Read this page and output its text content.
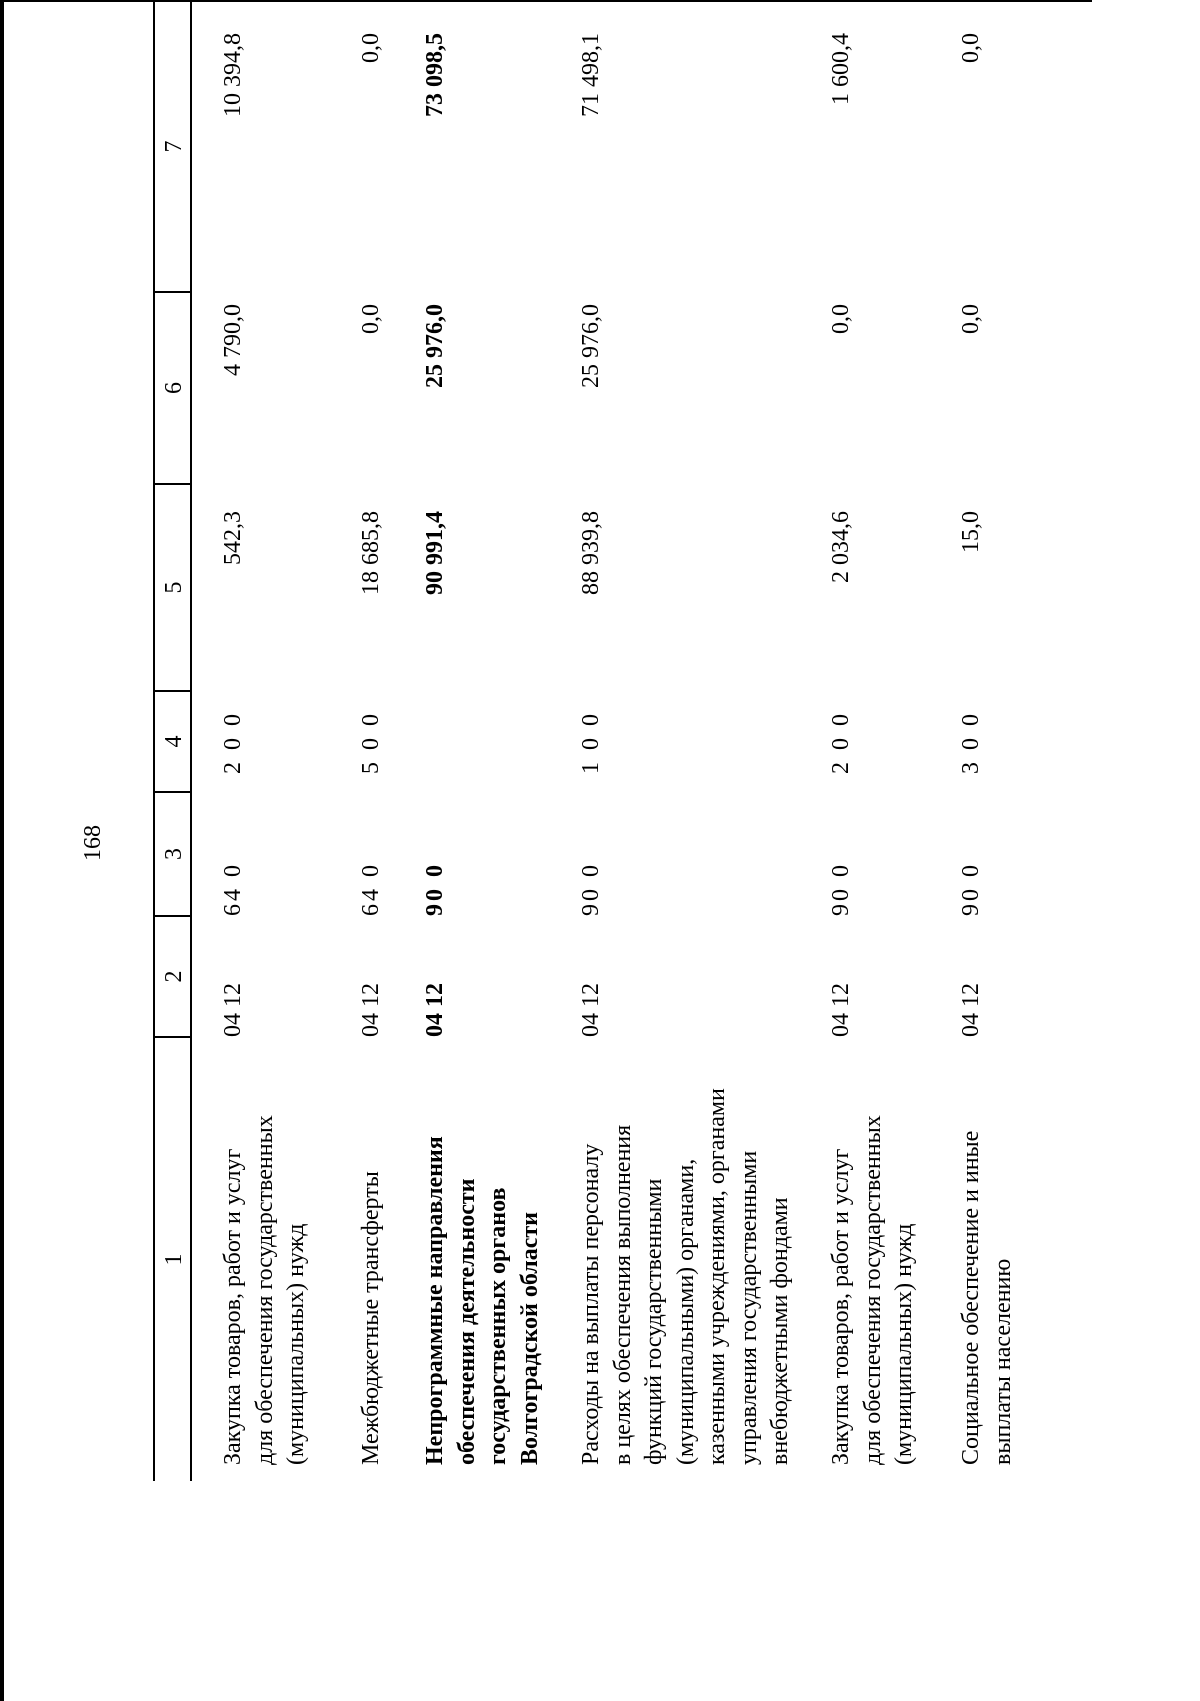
168
1
2
3
4
5
6
7
Закупка товаров, работ и услуг для обеспечения государственных (муниципальных) нужд
04 12
64 0
2 0 0
542,3
4 790,0
10 394,8
Межбюджетные трансферты
04 12
64 0
5 0 0
18 685,8
0,0
0,0
Непрограммные направления обеспечения деятельности государственных органов Волгоградской области
04 12
90 0
90 991,4
25 976,0
73 098,5
Расходы на выплаты персоналу в целях обеспечения выполнения функций государственными (муниципальными) органами, казенными учреждениями, органами управления государственными внебюджетными фондами
04 12
90 0
1 0 0
88 939,8
25 976,0
71 498,1
Закупка товаров, работ и услуг для обеспечения государственных (муниципальных) нужд
04 12
90 0
2 0 0
2 034,6
0,0
1 600,4
Социальное обеспечение и иные выплаты населению
04 12
90 0
3 0 0
15,0
0,0
0,0
